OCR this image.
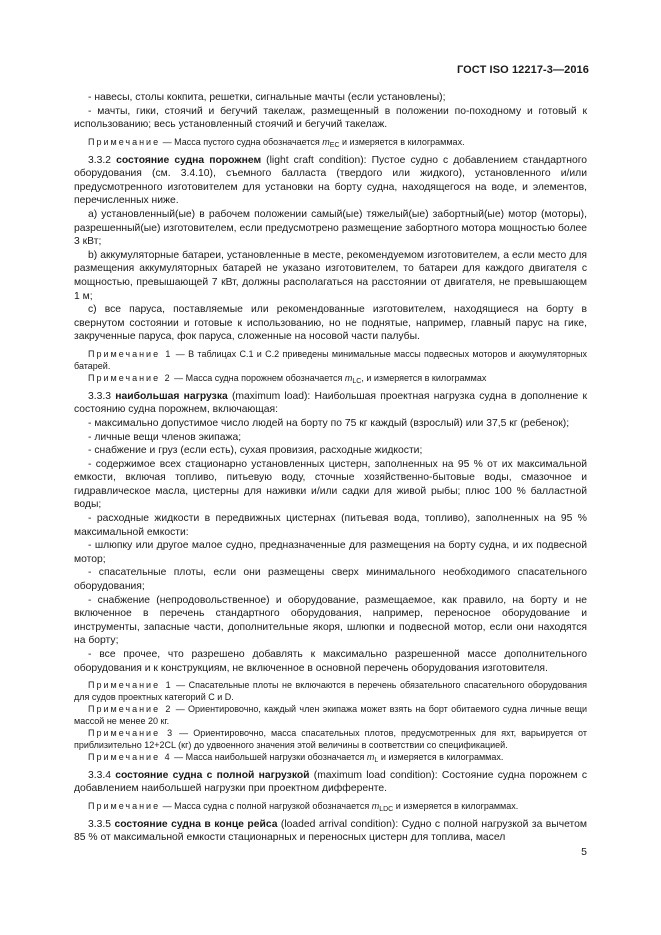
ГОСТ ISO 12217-3—2016

- навесы, столы кокпита, решетки, сигнальные мачты (если установлены);

- мачты, гики, стоячий и бегучий такелаж, размещенный в положении по-походному и готовый к использованию; весь установленный стоячий и бегучий такелаж.

Примечание — Масса пустого судна обозначается $m_{EC}$ и измеряется в килограммах.

3.3.2 состояние судна порожнем (light craft condition): Пустое судно с добавлением стандартного оборудования (см. 3.4.10), съемного балласта (твердого или жидкого), установленного и/или предусмотренного изготовителем для установки на борту судна, находящегося на воде, и элементов, перечисленных ниже.

а) установленный(ые) в рабочем положении самый(ые) тяжелый(ые) забортный(ые) мотор (моторы), разрешенный(ые) изготовителем, если предусмотрено размещение забортного мотора мощностью более 3 кВт;

b) аккумуляторные батареи, установленные в месте, рекомендуемом изготовителем, а если место для размещения аккумуляторных батарей не указано изготовителем, то батареи для каждого двигателя с мощностью, превышающей 7 кВт, должны располагаться на расстоянии от двигателя, не превышающем 1 м;

c) все паруса, поставляемые или рекомендованные изготовителем, находящиеся на борту в свернутом состоянии и готовые к использованию, но не поднятые, например, главный парус на гике, закрученные паруса, фок паруса, сложенные на носовой части палубы.

Примечание 1 — В таблицах С.1 и С.2 приведены минимальные массы подвесных моторов и аккумуляторных батарей.

Примечание 2 — Масса судна порожнем обозначается $m_{LC}$, и измеряется в килограммах

3.3.3 наибольшая нагрузка (maximum load): Наибольшая проектная нагрузка судна в дополнение к состоянию судна порожнем, включающая:

- максимально допустимое число людей на борту по 75 кг каждый (взрослый) или 37,5 кг (ребенок);

- личные вещи членов экипажа;

- снабжение и груз (если есть), сухая провизия, расходные жидкости;

- содержимое всех стационарно установленных цистерн, заполненных на 95 % от их максимальной емкости, включая топливо, питьевую воду, сточные хозяйственно-бытовые воды, смазочное и гидравлическое масла, цистерны для наживки и/или садки для живой рыбы; плюс 100 % балластной воды;

- расходные жидкости в передвижных цистернах (питьевая вода, топливо), заполненных на 95 % максимальной емкости:

- шлюпку или другое малое судно, предназначенные для размещения на борту судна, и их подвесной мотор;

- спасательные плоты, если они размещены сверх минимального необходимого спасательного оборудования;

- снабжение (непродовольственное) и оборудование, размещаемое, как правило, на борту и не включенное в перечень стандартного оборудования, например, переносное оборудование и инструменты, запасные части, дополнительные якоря, шлюпки и подвесной мотор, если они находятся на борту;

- все прочее, что разрешено добавлять к максимально разрешенной массе дополнительного оборудования и к конструкциям, не включенное в основной перечень оборудования изготовителя.

Примечание 1 — Спасательные плоты не включаются в перечень обязательного спасательного оборудования для судов проектных категорий С и D.

Примечание 2 — Ориентировочно, каждый член экипажа может взять на борт обитаемого судна личные вещи массой не менее 20 кг.

Примечание 3 — Ориентировочно, масса спасательных плотов, предусмотренных для яхт, варьируется от приблизительно 12+2CL (кг) до удвоенного значения этой величины в соответствии со спецификацией.

Примечание 4 — Масса наибольшей нагрузки обозначается $m_L$ и измеряется в килограммах.

3.3.4 состояние судна с полной нагрузкой (maximum load condition): Состояние судна порожнем с добавлением наибольшей нагрузки при проектном дифференте.

Примечание — Масса судна с полной нагрузкой обозначается $m_{LDC}$ и измеряется в килограммах.

3.3.5 состояние судна в конце рейса (loaded arrival condition): Судно с полной нагрузкой за вычетом 85 % от максимальной емкости стационарных и переносных цистерн для топлива, масел

5
